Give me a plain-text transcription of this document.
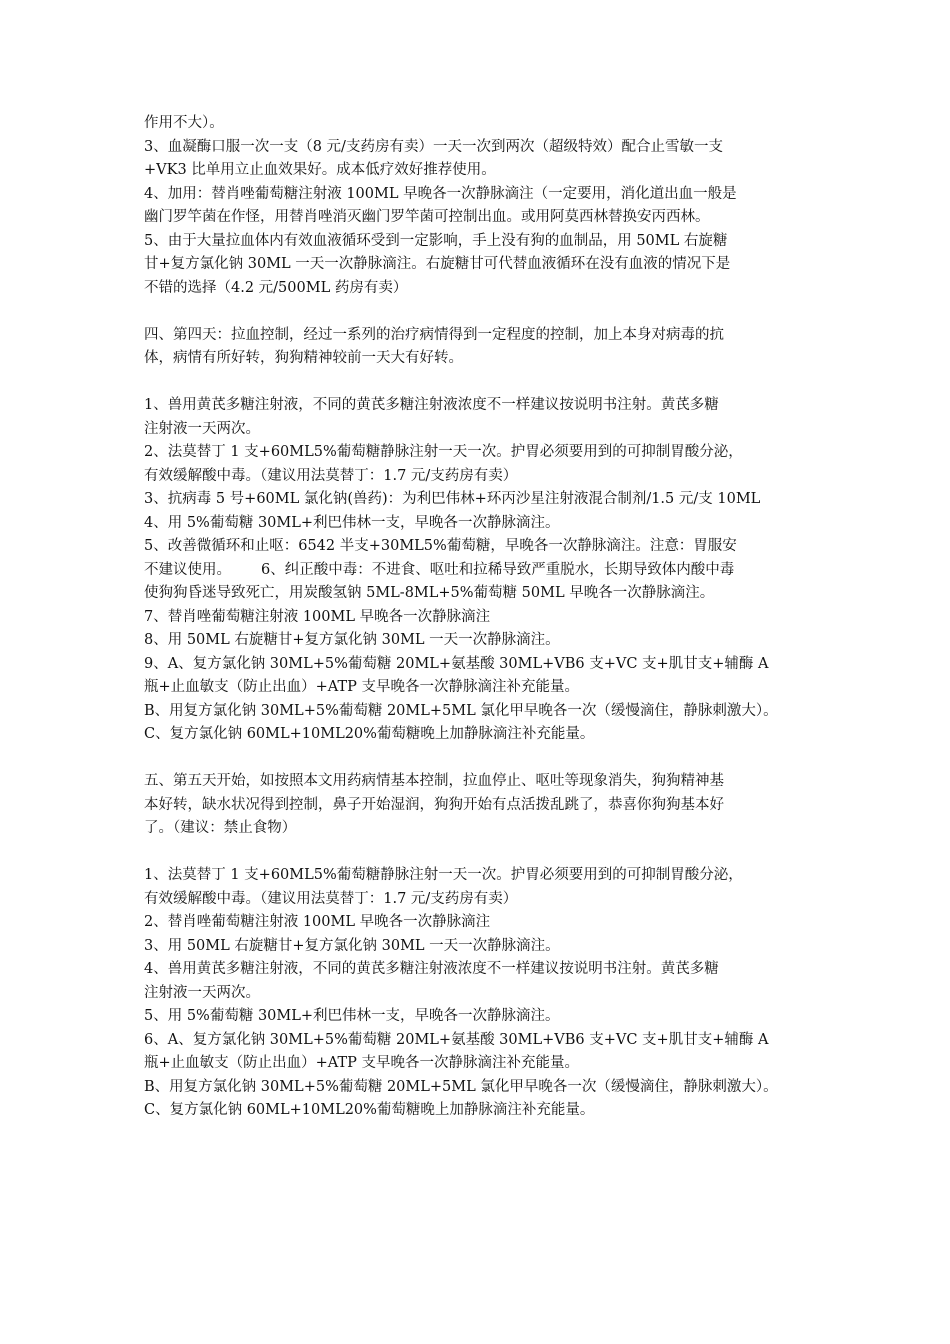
作用不大）。
3、血凝酶口服一次一支（8 元/支药房有卖）一天一次到两次（超级特效）配合止雪敏一支
+VK3 比单用立止血效果好。成本低疗效好推荐使用。
4、加用：替肖唑葡萄糖注射液 100ML 早晚各一次静脉滴注（一定要用，消化道出血一般是
幽门罗竿菌在作怪，用替肖唑消灭幽门罗竿菌可控制出血。或用阿莫西林替换安丙西林。
5、由于大量拉血体内有效血液循环受到一定影响，手上没有狗的血制品，用 50ML 右旋糖
甘+复方氯化钠 30ML 一天一次静脉滴注。右旋糖甘可代替血液循环在没有血液的情况下是
不错的选择（4.2 元/500ML 药房有卖）
四、第四天：拉血控制，经过一系列的治疗病情得到一定程度的控制，加上本身对病毒的抗
体，病情有所好转，狗狗精神较前一天大有好转。
1、兽用黄芪多糖注射液，不同的黄芪多糖注射液浓度不一样建议按说明书注射。黄芪多糖
注射液一天两次。
2、法莫替丁 1 支+60ML5%葡萄糖静脉注射一天一次。护胃必须要用到的可抑制胃酸分泌，
有效缓解酸中毒。（建议用法莫替丁：1.7 元/支药房有卖）
3、抗病毒 5 号+60ML 氯化钠(兽药)：为利巴伟林+环丙沙星注射液混合制剂/1.5 元/支 10ML
4、用 5%葡萄糖 30ML+利巴伟林一支，早晚各一次静脉滴注。
5、改善微循环和止呕：6542 半支+30ML5%葡萄糖，早晚各一次静脉滴注。注意：胃服安
不建议使用。 6、纠正酸中毒：不进食、呕吐和拉稀导致严重脱水，长期导致体内酸中毒
使狗狗昏迷导致死亡，用炭酸氢钠 5ML-8ML+5%葡萄糖 50ML 早晚各一次静脉滴注。
7、替肖唑葡萄糖注射液 100ML 早晚各一次静脉滴注
8、用 50ML 右旋糖甘+复方氯化钠 30ML 一天一次静脉滴注。
9、A、复方氯化钠 30ML+5%葡萄糖 20ML+氨基酸 30ML+VB6 支+VC 支+肌甘支+辅酶 A
瓶+止血敏支（防止出血）+ATP 支早晚各一次静脉滴注补充能量。
B、用复方氯化钠 30ML+5%葡萄糖 20ML+5ML 氯化甲早晚各一次（缓慢滴住，静脉刺激大）。
C、复方氯化钠 60ML+10ML20%葡萄糖晚上加静脉滴注补充能量。
五、第五天开始，如按照本文用药病情基本控制，拉血停止、呕吐等现象消失，狗狗精神基
本好转，缺水状况得到控制，鼻子开始湿润，狗狗开始有点活拨乱跳了，恭喜你狗狗基本好
了。（建议：禁止食物）
1、法莫替丁 1 支+60ML5%葡萄糖静脉注射一天一次。护胃必须要用到的可抑制胃酸分泌，
有效缓解酸中毒。（建议用法莫替丁：1.7 元/支药房有卖）
2、替肖唑葡萄糖注射液 100ML 早晚各一次静脉滴注
3、用 50ML 右旋糖甘+复方氯化钠 30ML 一天一次静脉滴注。
4、兽用黄芪多糖注射液，不同的黄芪多糖注射液浓度不一样建议按说明书注射。黄芪多糖
注射液一天两次。
5、用 5%葡萄糖 30ML+利巴伟林一支，早晚各一次静脉滴注。
6、A、复方氯化钠 30ML+5%葡萄糖 20ML+氨基酸 30ML+VB6 支+VC 支+肌甘支+辅酶 A
瓶+止血敏支（防止出血）+ATP 支早晚各一次静脉滴注补充能量。
B、用复方氯化钠 30ML+5%葡萄糖 20ML+5ML 氯化甲早晚各一次（缓慢滴住，静脉刺激大）。
C、复方氯化钠 60ML+10ML20%葡萄糖晚上加静脉滴注补充能量。
